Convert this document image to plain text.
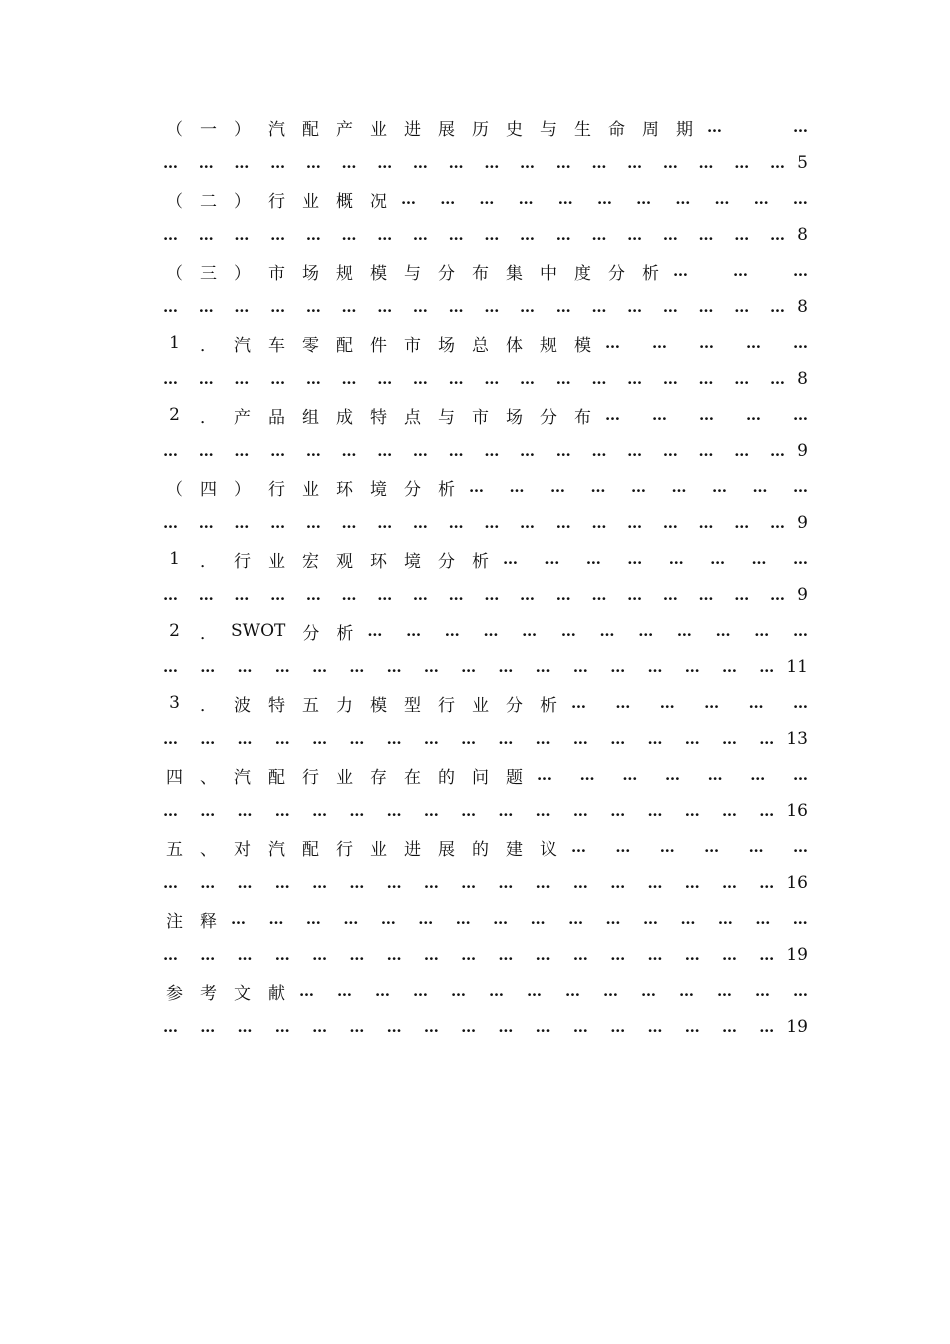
（ 一 ） 汽 配 产 业 进 展 历 史 与 生 命 周 期 …	…
… … … … … … … … … … … … … … … … … … 5
（ 二 ） 行 业 概 况 … … … … … … … … … … …
… … … … … … … … … … … … … … … … … … 8
（ 三 ） 市 场 规 模 与 分 布 集 中 度 分 析 …	…	…
… … … … … … … … … … … … … … … … … … 8
1	． 汽 车 零 配 件 市 场 总 体 规 模 … … … … …
… … … … … … … … … … … … … … … … … … 8
2	． 产 品 组 成 特 点 与 市 场 分 布 … … … … …
… … … … … … … … … … … … … … … … … … 9
（ 四 ） 行 业 环 境 分 析 … … … … … … … … …
… … … … … … … … … … … … … … … … … … 9
1	． 行 业 宏 观 环 境 分 析 … … … … … … … …
… … … … … … … … … … … … … … … … … … 9
2	． SWOT 分 析 … … … … … … … … … … … …
… … … … … … … … … … … … … … … … … 11
3	． 波 特 五 力 模 型 行 业 分 析 … … … … … …
… … … … … … … … … … … … … … … … … 13
四 、 汽 配 行 业 存 在 的 问 题 … … … … … … …
… … … … … … … … … … … … … … … … … 16
五 、 对 汽 配 行 业 进 展 的 建 议 … … … … … …
… … … … … … … … … … … … … … … … … 16
注 释 … … … … … … … … … … … … … … … …
… … … … … … … … … … … … … … … … … 19
参 考 文 献 … … … … … … … … … … … … … …
… … … … … … … … … … … … … … … … … 19
